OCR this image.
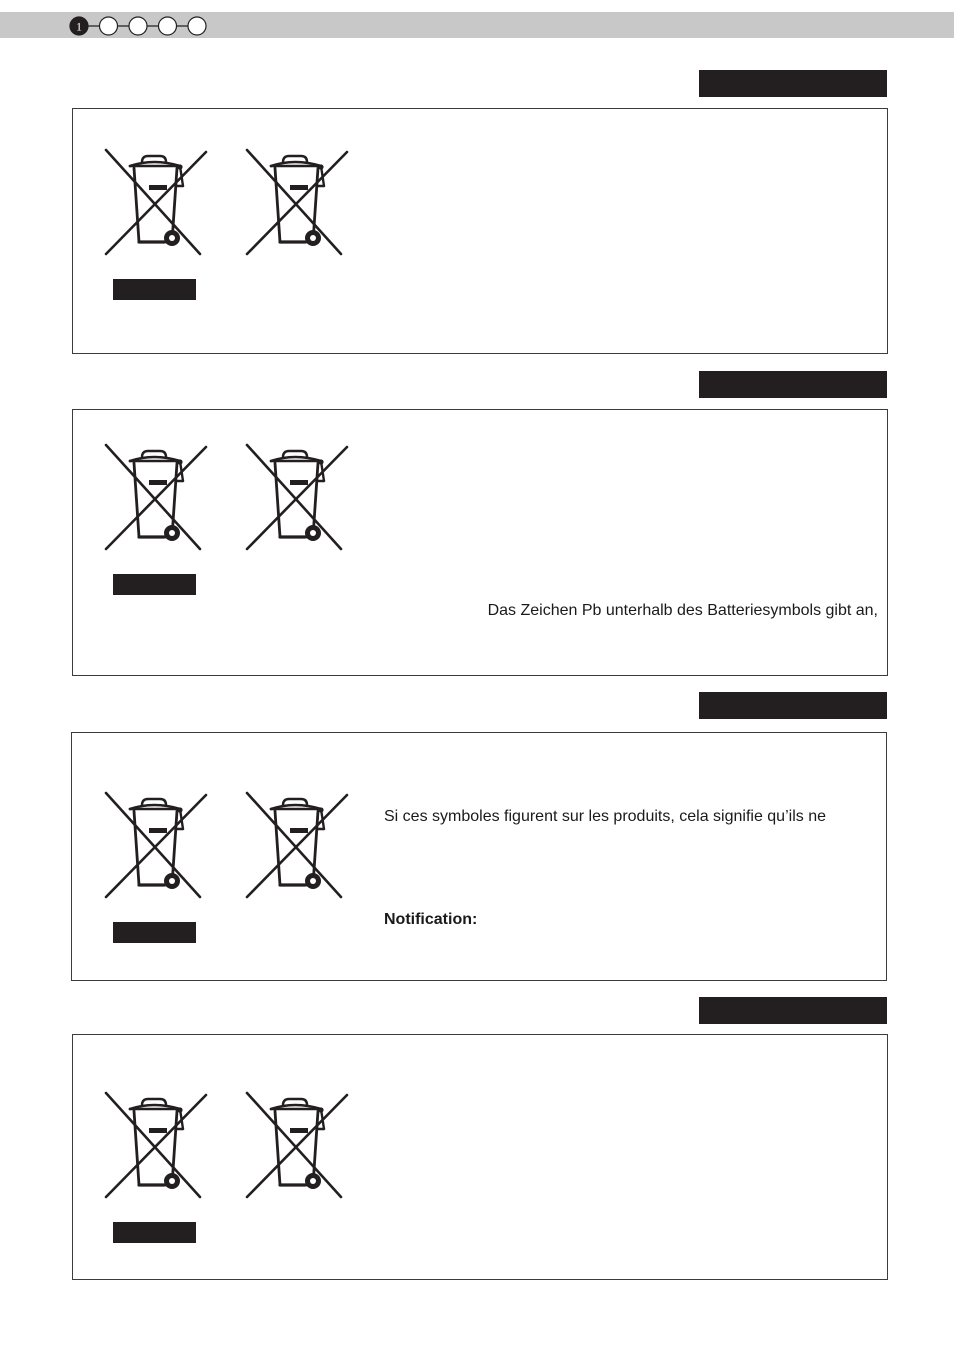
1
Das Zeichen Pb unterhalb des Batteriesymbols gibt an,
Si ces symboles figurent sur les produits, cela signifie qu’ils ne
Notification:
